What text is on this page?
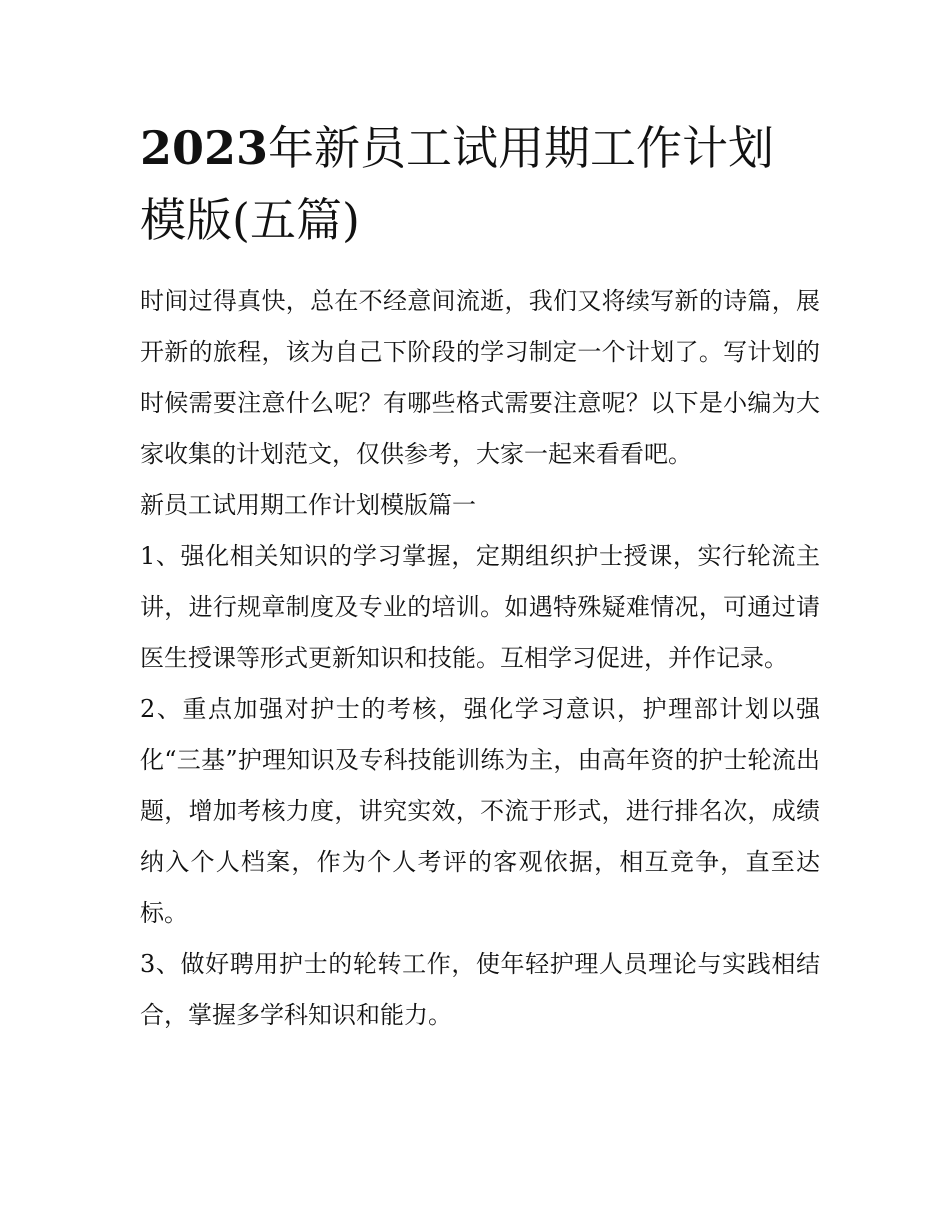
2023年新员工试用期工作计划模版(五篇)

时间过得真快，总在不经意间流逝，我们又将续写新的诗篇，展开新的旅程，该为自己下阶段的学习制定一个计划了。写计划的时候需要注意什么呢？有哪些格式需要注意呢？以下是小编为大家收集的计划范文，仅供参考，大家一起来看看吧。

新员工试用期工作计划模版篇一

1、强化相关知识的学习掌握，定期组织护士授课，实行轮流主讲，进行规章制度及专业的培训。如遇特殊疑难情况，可通过请医生授课等形式更新知识和技能。互相学习促进，并作记录。

2、重点加强对护士的考核，强化学习意识，护理部计划以强化“三基”护理知识及专科技能训练为主，由高年资的护士轮流出题，增加考核力度，讲究实效，不流于形式，进行排名次，成绩纳入个人档案，作为个人考评的客观依据，相互竞争，直至达标。

3、做好聘用护士的轮转工作，使年轻护理人员理论与实践相结合，掌握多学科知识和能力。
